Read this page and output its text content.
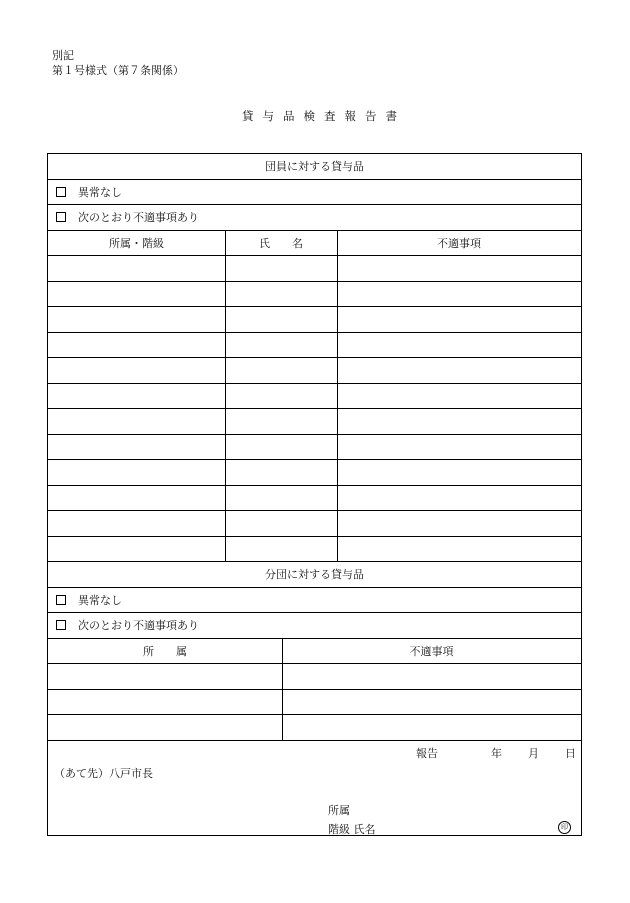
別記
第１号様式（第７条関係）
貸与品検査報告書
団員に対する貸与品
異常なし
次のとおり不適事項あり
所属・階級	氏　　名	不適事項
分団に対する貸与品
異常なし
次のとおり不適事項あり
所　　属	不適事項
報告	年 月 日
（あて先）八戸市長
所属
階級 氏名	印
